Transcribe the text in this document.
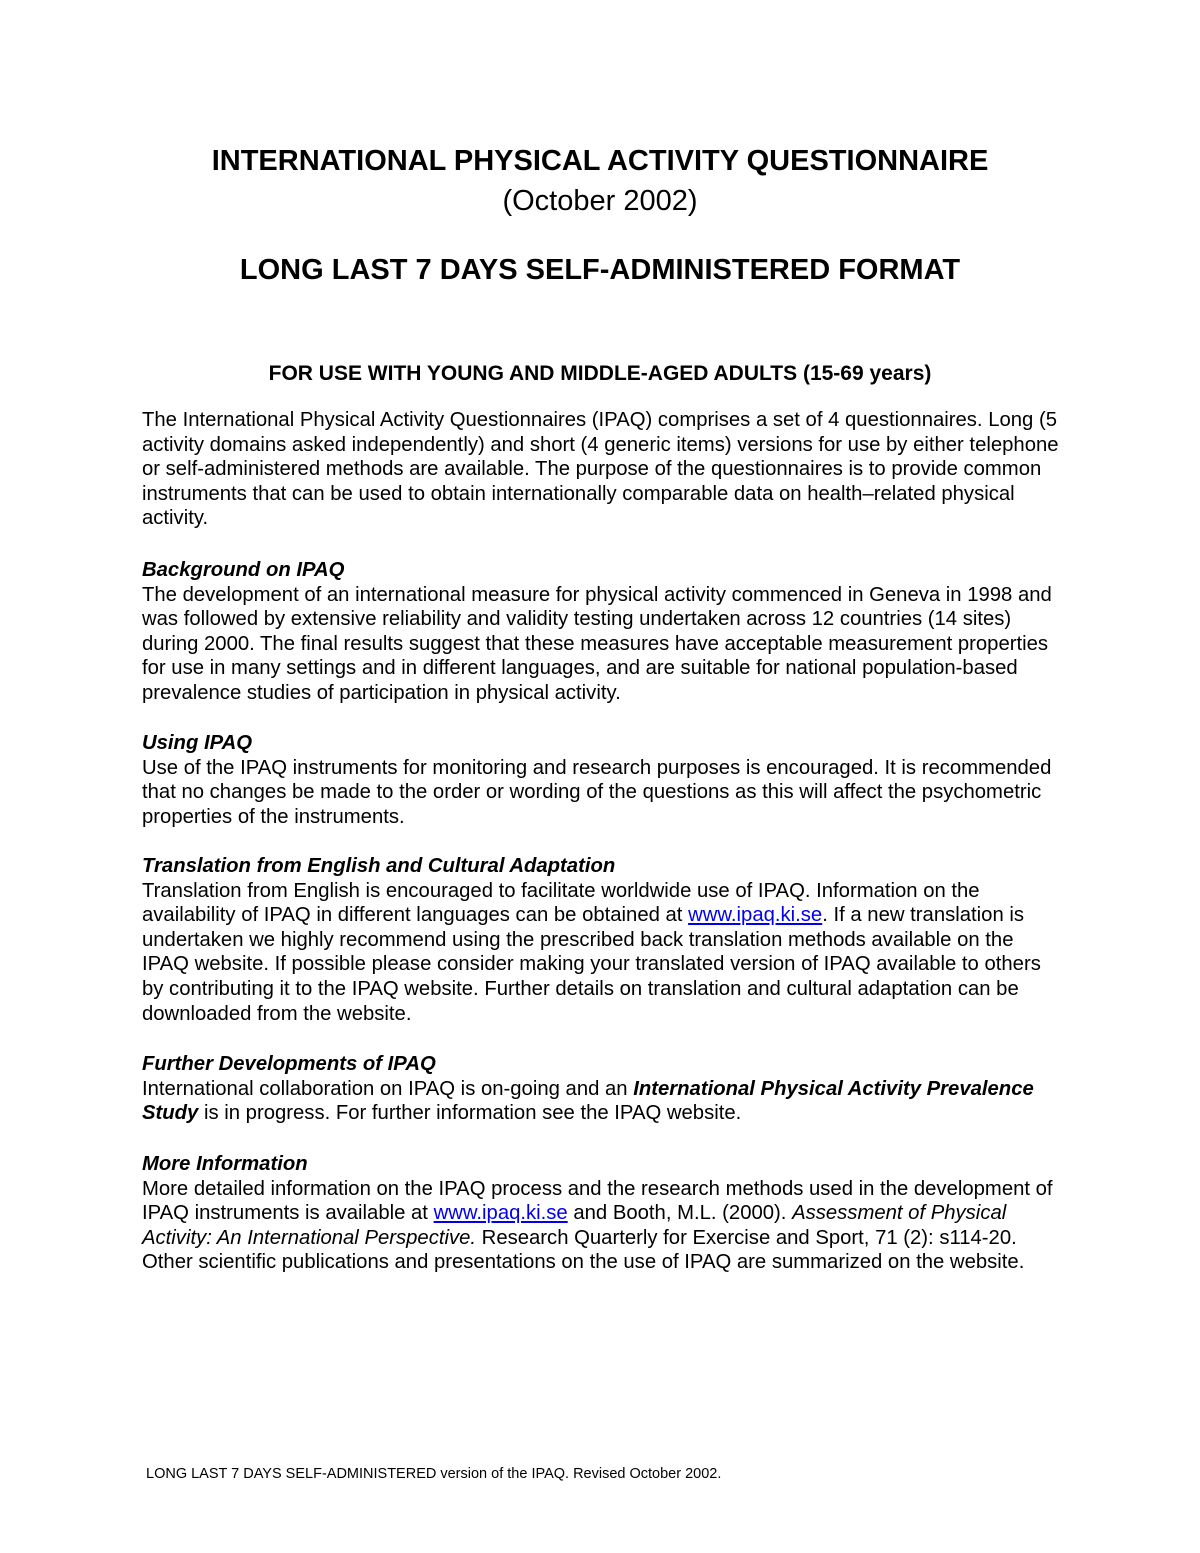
INTERNATIONAL PHYSICAL ACTIVITY QUESTIONNAIRE
(October 2002)
LONG LAST 7 DAYS SELF-ADMINISTERED FORMAT

FOR USE WITH YOUNG AND MIDDLE-AGED ADULTS (15-69 years)

The International Physical Activity Questionnaires (IPAQ) comprises a set of 4 questionnaires. Long (5 activity domains asked independently) and short (4 generic items) versions for use by either telephone or self-administered methods are available. The purpose of the questionnaires is to provide common instruments that can be used to obtain internationally comparable data on health–related physical activity.

Background on IPAQ
The development of an international measure for physical activity commenced in Geneva in 1998 and was followed by extensive reliability and validity testing undertaken across 12 countries (14 sites) during 2000. The final results suggest that these measures have acceptable measurement properties for use in many settings and in different languages, and are suitable for national population-based prevalence studies of participation in physical activity.
Using IPAQ
Use of the IPAQ instruments for monitoring and research purposes is encouraged. It is recommended that no changes be made to the order or wording of the questions as this will affect the psychometric properties of the instruments.
Translation from English and Cultural Adaptation
Translation from English is encouraged to facilitate worldwide use of IPAQ. Information on the availability of IPAQ in different languages can be obtained at www.ipaq.ki.se. If a new translation is undertaken we highly recommend using the prescribed back translation methods available on the IPAQ website. If possible please consider making your translated version of IPAQ available to others by contributing it to the IPAQ website. Further details on translation and cultural adaptation can be downloaded from the website.
Further Developments of IPAQ
International collaboration on IPAQ is on-going and an International Physical Activity Prevalence Study is in progress. For further information see the IPAQ website.
More Information
More detailed information on the IPAQ process and the research methods used in the development of IPAQ instruments is available at www.ipaq.ki.se and Booth, M.L. (2000). Assessment of Physical Activity: An International Perspective. Research Quarterly for Exercise and Sport, 71 (2): s114-20. Other scientific publications and presentations on the use of IPAQ are summarized on the website.

LONG LAST 7 DAYS SELF-ADMINISTERED version of the IPAQ. Revised October 2002.
